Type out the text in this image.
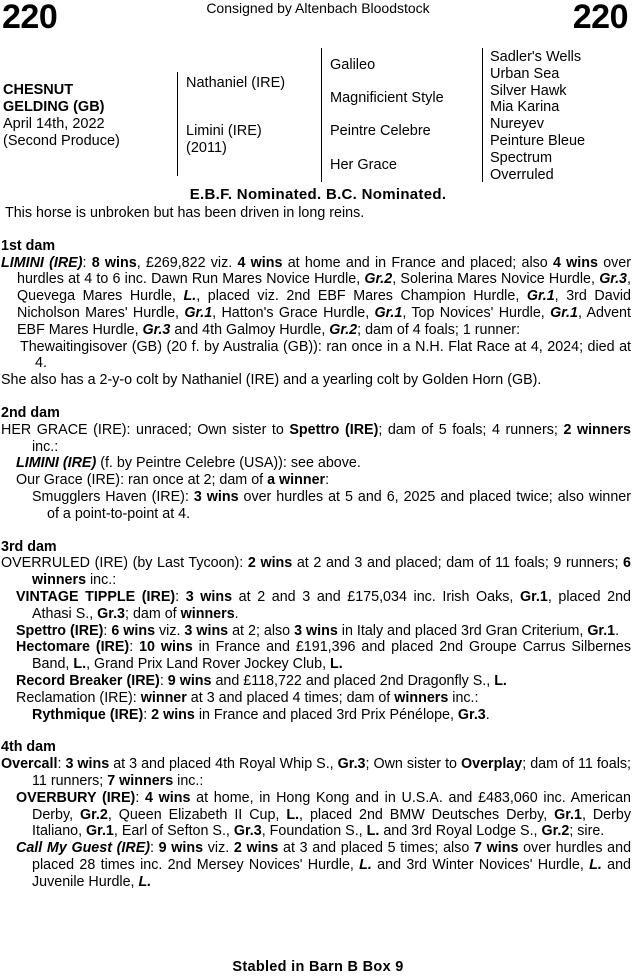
220	Consigned by Altenbach Bloodstock	220
CHESNUT
GELDING (GB)
April 14th, 2022
(Second Produce)
Nathaniel (IRE)
Limini (IRE)
(2011)
Galileo
Magnificient Style
Peintre Celebre
Her Grace
Sadler's Wells
Urban Sea
Silver Hawk
Mia Karina
Nureyev
Peinture Bleue
Spectrum
Overruled
E.B.F. Nominated. B.C. Nominated.

This horse is unbroken but has been driven in long reins.

1st dam

LIMINI (IRE): 8 wins, £269,822 viz. 4 wins at home and in France and placed; also 4 wins over hurdles at 4 to 6 inc. Dawn Run Mares Novice Hurdle, Gr.2, Solerina Mares Novice Hurdle, Gr.3, Quevega Mares Hurdle, L., placed viz. 2nd EBF Mares Champion Hurdle, Gr.1, 3rd David Nicholson Mares' Hurdle, Gr.1, Hatton's Grace Hurdle, Gr.1, Top Novices' Hurdle, Gr.1, Advent EBF Mares Hurdle, Gr.3 and 4th Galmoy Hurdle, Gr.2; dam of 4 foals; 1 runner:

Thewaitingisover (GB) (20 f. by Australia (GB)): ran once in a N.H. Flat Race at 4, 2024; died at 4.

She also has a 2-y-o colt by Nathaniel (IRE) and a yearling colt by Golden Horn (GB).

2nd dam

HER GRACE (IRE): unraced; Own sister to Spettro (IRE); dam of 5 foals; 4 runners; 2 winners inc.:

LIMINI (IRE) (f. by Peintre Celebre (USA)): see above.

Our Grace (IRE): ran once at 2; dam of a winner:

Smugglers Haven (IRE): 3 wins over hurdles at 5 and 6, 2025 and placed twice; also winner of a point-to-point at 4.

3rd dam

OVERRULED (IRE) (by Last Tycoon): 2 wins at 2 and 3 and placed; dam of 11 foals; 9 runners; 6 winners inc.:

VINTAGE TIPPLE (IRE): 3 wins at 2 and 3 and £175,034 inc. Irish Oaks, Gr.1, placed 2nd Athasi S., Gr.3; dam of winners.

Spettro (IRE): 6 wins viz. 3 wins at 2; also 3 wins in Italy and placed 3rd Gran Criterium, Gr.1.

Hectomare (IRE): 10 wins in France and £191,396 and placed 2nd Groupe Carrus Silbernes Band, L., Grand Prix Land Rover Jockey Club, L.

Record Breaker (IRE): 9 wins and £118,722 and placed 2nd Dragonfly S., L.

Reclamation (IRE): winner at 3 and placed 4 times; dam of winners inc.:

Rythmique (IRE): 2 wins in France and placed 3rd Prix Pénélope, Gr.3.

4th dam

Overcall: 3 wins at 3 and placed 4th Royal Whip S., Gr.3; Own sister to Overplay; dam of 11 foals; 11 runners; 7 winners inc.:

OVERBURY (IRE): 4 wins at home, in Hong Kong and in U.S.A. and £483,060 inc. American Derby, Gr.2, Queen Elizabeth II Cup, L., placed 2nd BMW Deutsches Derby, Gr.1, Derby Italiano, Gr.1, Earl of Sefton S., Gr.3, Foundation S., L. and 3rd Royal Lodge S., Gr.2; sire.

Call My Guest (IRE): 9 wins viz. 2 wins at 3 and placed 5 times; also 7 wins over hurdles and placed 28 times inc. 2nd Mersey Novices' Hurdle, L. and 3rd Winter Novices' Hurdle, L. and Juvenile Hurdle, L.

Stabled in Barn B Box 9
